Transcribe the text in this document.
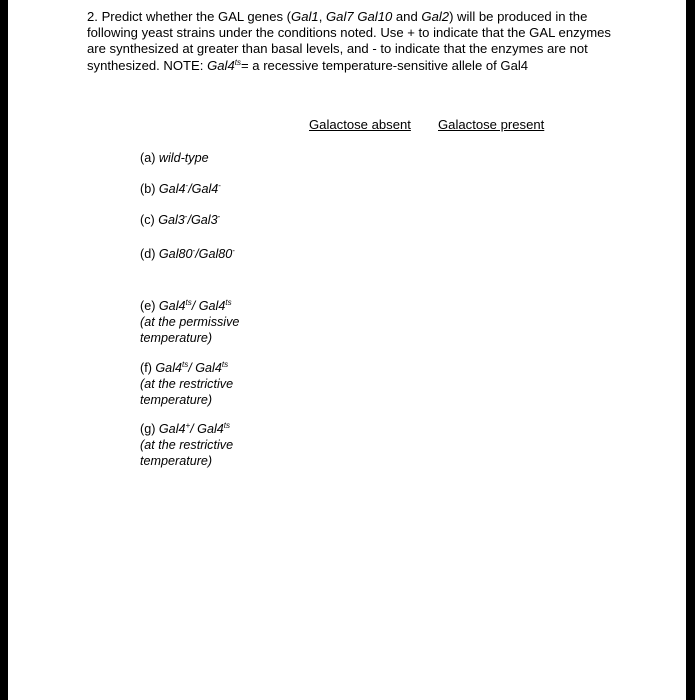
2. Predict whether the GAL genes (Gal1, Gal7 Gal10 and Gal2) will be produced in the following yeast strains under the conditions noted. Use + to indicate that the GAL enzymes are synthesized at greater than basal levels, and - to indicate that the enzymes are not synthesized. NOTE: $Gal4^{ts}= a$ recessive temperature-sensitive allele of Gal4
Galactose absent Galactose present
(a) wild-type
(b) Gal4-/Gal4-
(c) Gal3-/Gal3-
(d) Gal80-/Gal80-
(e) $Gal4^{ts}/$ $Gal4^{ts}$
(at the permissive
temperature)
(f) $Gal4^{ts}/$ $Gal4^{ts}$
(at the restrictive
temperature)
(g) Gal4+/ $Gal4^{ts}$
(at the restrictive
temperature)
